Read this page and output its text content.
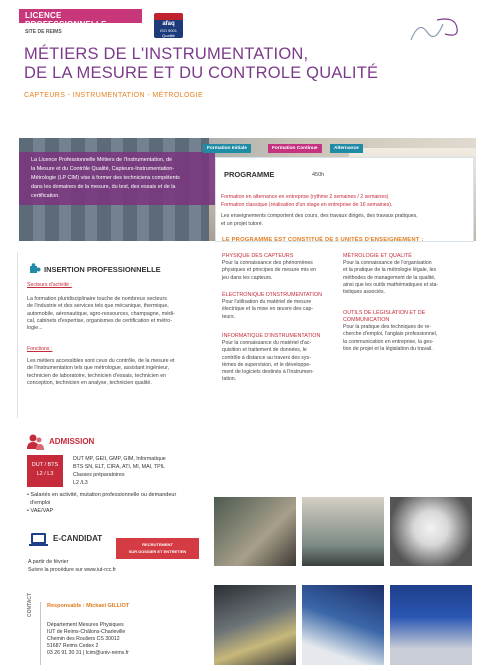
LICENCE PROFESSIONNELLE
SITE DE REIMS
afaq
ISO 9001
Qualité
MÉTIERS DE L'INSTRUMENTATION,
DE LA MESURE ET DU CONTROLE QUALITÉ
CAPTEURS - INSTRUMENTATION - MÉTROLOGIE
La Licence Professionnelle Métiers de l'Instrumentation, de
la Mesure et du Contrôle Qualité, Capteurs-Instrumentation-
Métrologie (LP CIM) vise à former des techniciens compétents
dans les domaines de la mesure, du test, des essais et de la
certification.
Formation Initiale	Formation Continue	Alternance
PROGRAMME	450h
Formation en alternance en entreprise (rythme 2 semaines / 2 semaines)
Formation classique (réalisation d'un stage en entreprise de 16 semaines).
Les enseignements comportent des cours, des travaux dirigés, des travaux pratiques,
et un projet tutoré.
LE PROGRAMME EST CONSTITUÉ DE 5 UNITÉS D'ENSEIGNEMENT :
PHYSIQUE DES CAPTEURS

Pour la connaissance des phénomènes

physiques et principes de mesure mis en

jeu dans les capteurs.

ÉLECTRONIQUE D'INSTRUMENTATION

Pour l'utilisation du matériel de mesure

électrique et la mise en œuvre des cap-

teurs.

INFORMATIQUE D'INSTRUMENTATION

Pour la connaissance du matériel d'ac-

quisition et traitement de données, le

contrôle à distance au travers des sys-

tèmes de supervision, et le développe-

ment de logiciels destinés à l'instrumen-

tation.

MÉTROLOGIE ET QUALITÉ

Pour la connaissance de l'organisation

et la pratique de la métrologie légale, les

méthodes de management de la qualité,

ainsi que les outils mathématiques et sta-

tistiques associés.

OUTILS DE LÉGISLATION ET DE
COMMUNICATION

Pour la pratique des techniques de re-

cherche d'emploi, l'anglais professionnel,

la communication en entreprise, la ges-

tion de projet et la législation du travail.

INSERTION PROFESSIONNELLE
Secteurs d'activité :
La formation pluridisciplinaire touche de nombreux secteurs
de l'industrie et des services tels que mécanique, thermique,
automobile, aéronautique, agro-ressources, champagne, médi-
cal, cabinets d'expertise, organismes de certification et métro-
logie...
Fonctions :
Les métiers accessibles sont ceux du contrôle, de la mesure et
de l'instrumentation tels que métrologue, assistant ingénieur,
technicien de laboratoire, technicien d'essais, technicien en
conception, technicien en analyse, technicien qualité.
ADMISSION
DUT / BTS
L2 / L3
DUT MP, GEII, GMP, GIM, Informatique
BTS SN, ELT, CIRA, ATI, MI, MAI, TPIL
Classes préparatoires
L2 /L3
• Salariés en activité, mutation professionnelle ou demandeur
d'emploi
• VAE/VAP
E-CANDIDAT
RECRUTEMENT
SUR DOSSIER ET ENTRETIEN
A partir de février
Suivre la procédure sur www.iut-rcc.fr
CONTACT	Responsable : Mickael GILLIOT
Département Mesures Physiques
IUT de Reims-Châlons-Charleville
Chemin des Rouliers CS 30012
51687 Reims Cedex 2
03 26 91 30 31 | lcim@univ-reims.fr
